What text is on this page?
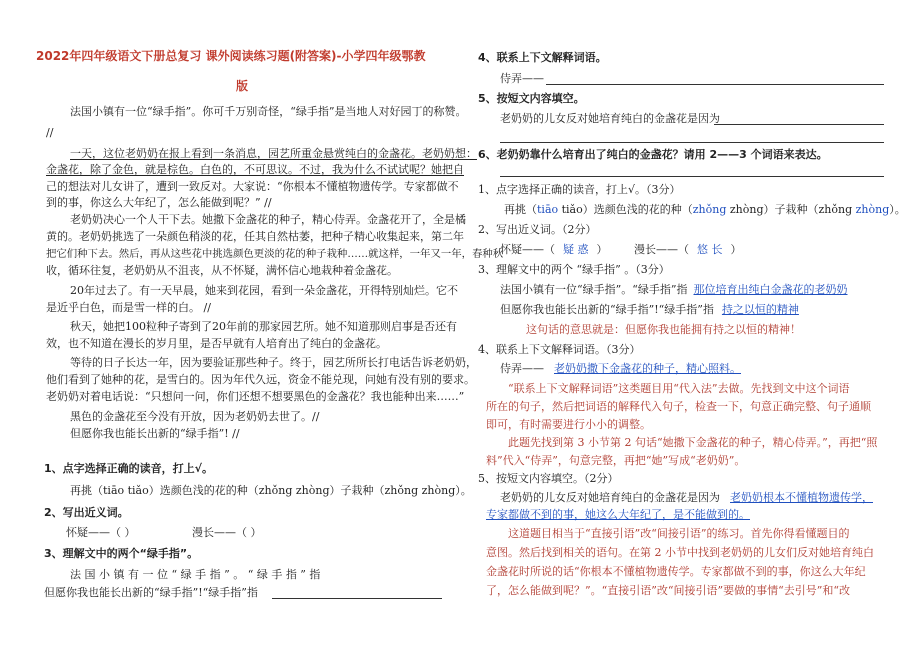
2022年四年级语文下册总复习 课外阅读练习题(附答案)-小学四年级鄂教
版
法国小镇有一位“绿手指”。你可千万别奇怪，“绿手指”是当地人对好园丁的称赞。
//
一天，这位老奶奶在报上看到一条消息，园艺所重金悬赏纯白的金盏花。老奶奶想：
金盏花，除了金色，就是棕色。白色的，不可思议。不过，我为什么不试试呢？她把自
己的想法对儿女讲了，遭到一致反对。大家说：“你根本不懂植物遗传学。专家都做不
到的事，你这么大年纪了，怎么能做到呢？” //
老奶奶决心一个人干下去。她撒下金盏花的种子，精心侍弄。金盏花开了，全是橘
黄的。老奶奶挑选了一朵颜色稍淡的花，任其自然枯萎，把种子精心收集起来，第二年
把它们种下去。然后，再从这些花中挑选颜色更淡的花的种子栽种……就这样，一年又一年，春种秋
收，循环往复，老奶奶从不沮丧，从不怀疑，满怀信心地栽种着金盏花。
20年过去了。有一天早晨，她来到花园，看到一朵金盏花，开得特别灿烂。它不
是近乎白色，而是雪一样的白。 //
秋天，她把100粒种子寄到了20年前的那家园艺所。她不知道那则启事是否还有
效，也不知道在漫长的岁月里，是否早就有人培育出了纯白的金盏花。
等待的日子长达一年，因为要验证那些种子。终于，园艺所所长打电话告诉老奶奶，
他们看到了她种的花，是雪白的。因为年代久远，资金不能兑现，问她有没有别的要求。
老奶奶对着电话说：“只想问一问，你们还想不想要黑色的金盏花？我也能种出来……”
黑色的金盏花至今没有开放，因为老奶奶去世了。//
但愿你我也能长出新的“绿手指”! //
1、点字选择正确的读音，打上√。
再挑（tiāo tiǎo）选颜色浅的花的种（zhǒng zhòng）子栽种（zhǒng zhòng）。
2、写出近义词。
怀疑——（ ）	漫长——（ ）
3、理解文中的两个“绿手指”。
法 国 小 镇 有 一 位 “ 绿 手 指 ” 。 “ 绿 手 指 ” 指
但愿你我也能长出新的“绿手指”!“绿手指”指
4、联系上下文解释词语。
侍弄——
5、按短文内容填空。
老奶奶的儿女反对她培育纯白的金盏花是因为
6、老奶奶靠什么培育出了纯白的金盏花？请用 2——3 个词语来表达。
1、点字选择正确的读音，打上√。（3分）
再挑（tiāo tiǎo）选颜色浅的花的种（zhǒng zhòng）子栽种（zhǒng zhòng）。
2、写出近义词。（2分）
怀疑——（ 疑 惑 ） 漫长——（ 悠 长 ）
3、理解文中的两个 “绿手指” 。（3分）
法国小镇有一位“绿手指”。“绿手指”指 那位培育出纯白金盏花的老奶奶
但愿你我也能长出新的“绿手指”!“绿手指”指 持之以恒的精神
这句话的意思就是：但愿你我也能拥有持之以恒的精神！
4、联系上下文解释词语。（3分）
侍弄—— 老奶奶撒下金盏花的种子，精心照料。
“联系上下文解释词语”这类题目用“代入法”去做。先找到文中这个词语
所在的句子，然后把词语的解释代入句子，检查一下，句意正确完整、句子通顺
即可，有时需要进行小小的调整。
此题先找到第 3 小节第 2 句话“她撒下金盏花的种子，精心侍弄。”，再把“照
料”代入“侍弄”，句意完整，再把“她”写成“老奶奶”。
5、按短文内容填空。（2分）
老奶奶的儿女反对她培育纯白的金盏花是因为 老奶奶根本不懂植物遗传学，
专家都做不到的事，她这么大年纪了，是不能做到的。
这道题目相当于“直接引语”改“间接引语”的练习。首先你得看懂题目的
意图。然后找到相关的语句。在第 2 小节中找到老奶奶的儿女们反对她培育纯白
金盏花时所说的话“你根本不懂植物遗传学。专家都做不到的事，你这么大年纪
了，怎么能做到呢？”。“直接引语”改“间接引语”要做的事情“去引号”和“改
